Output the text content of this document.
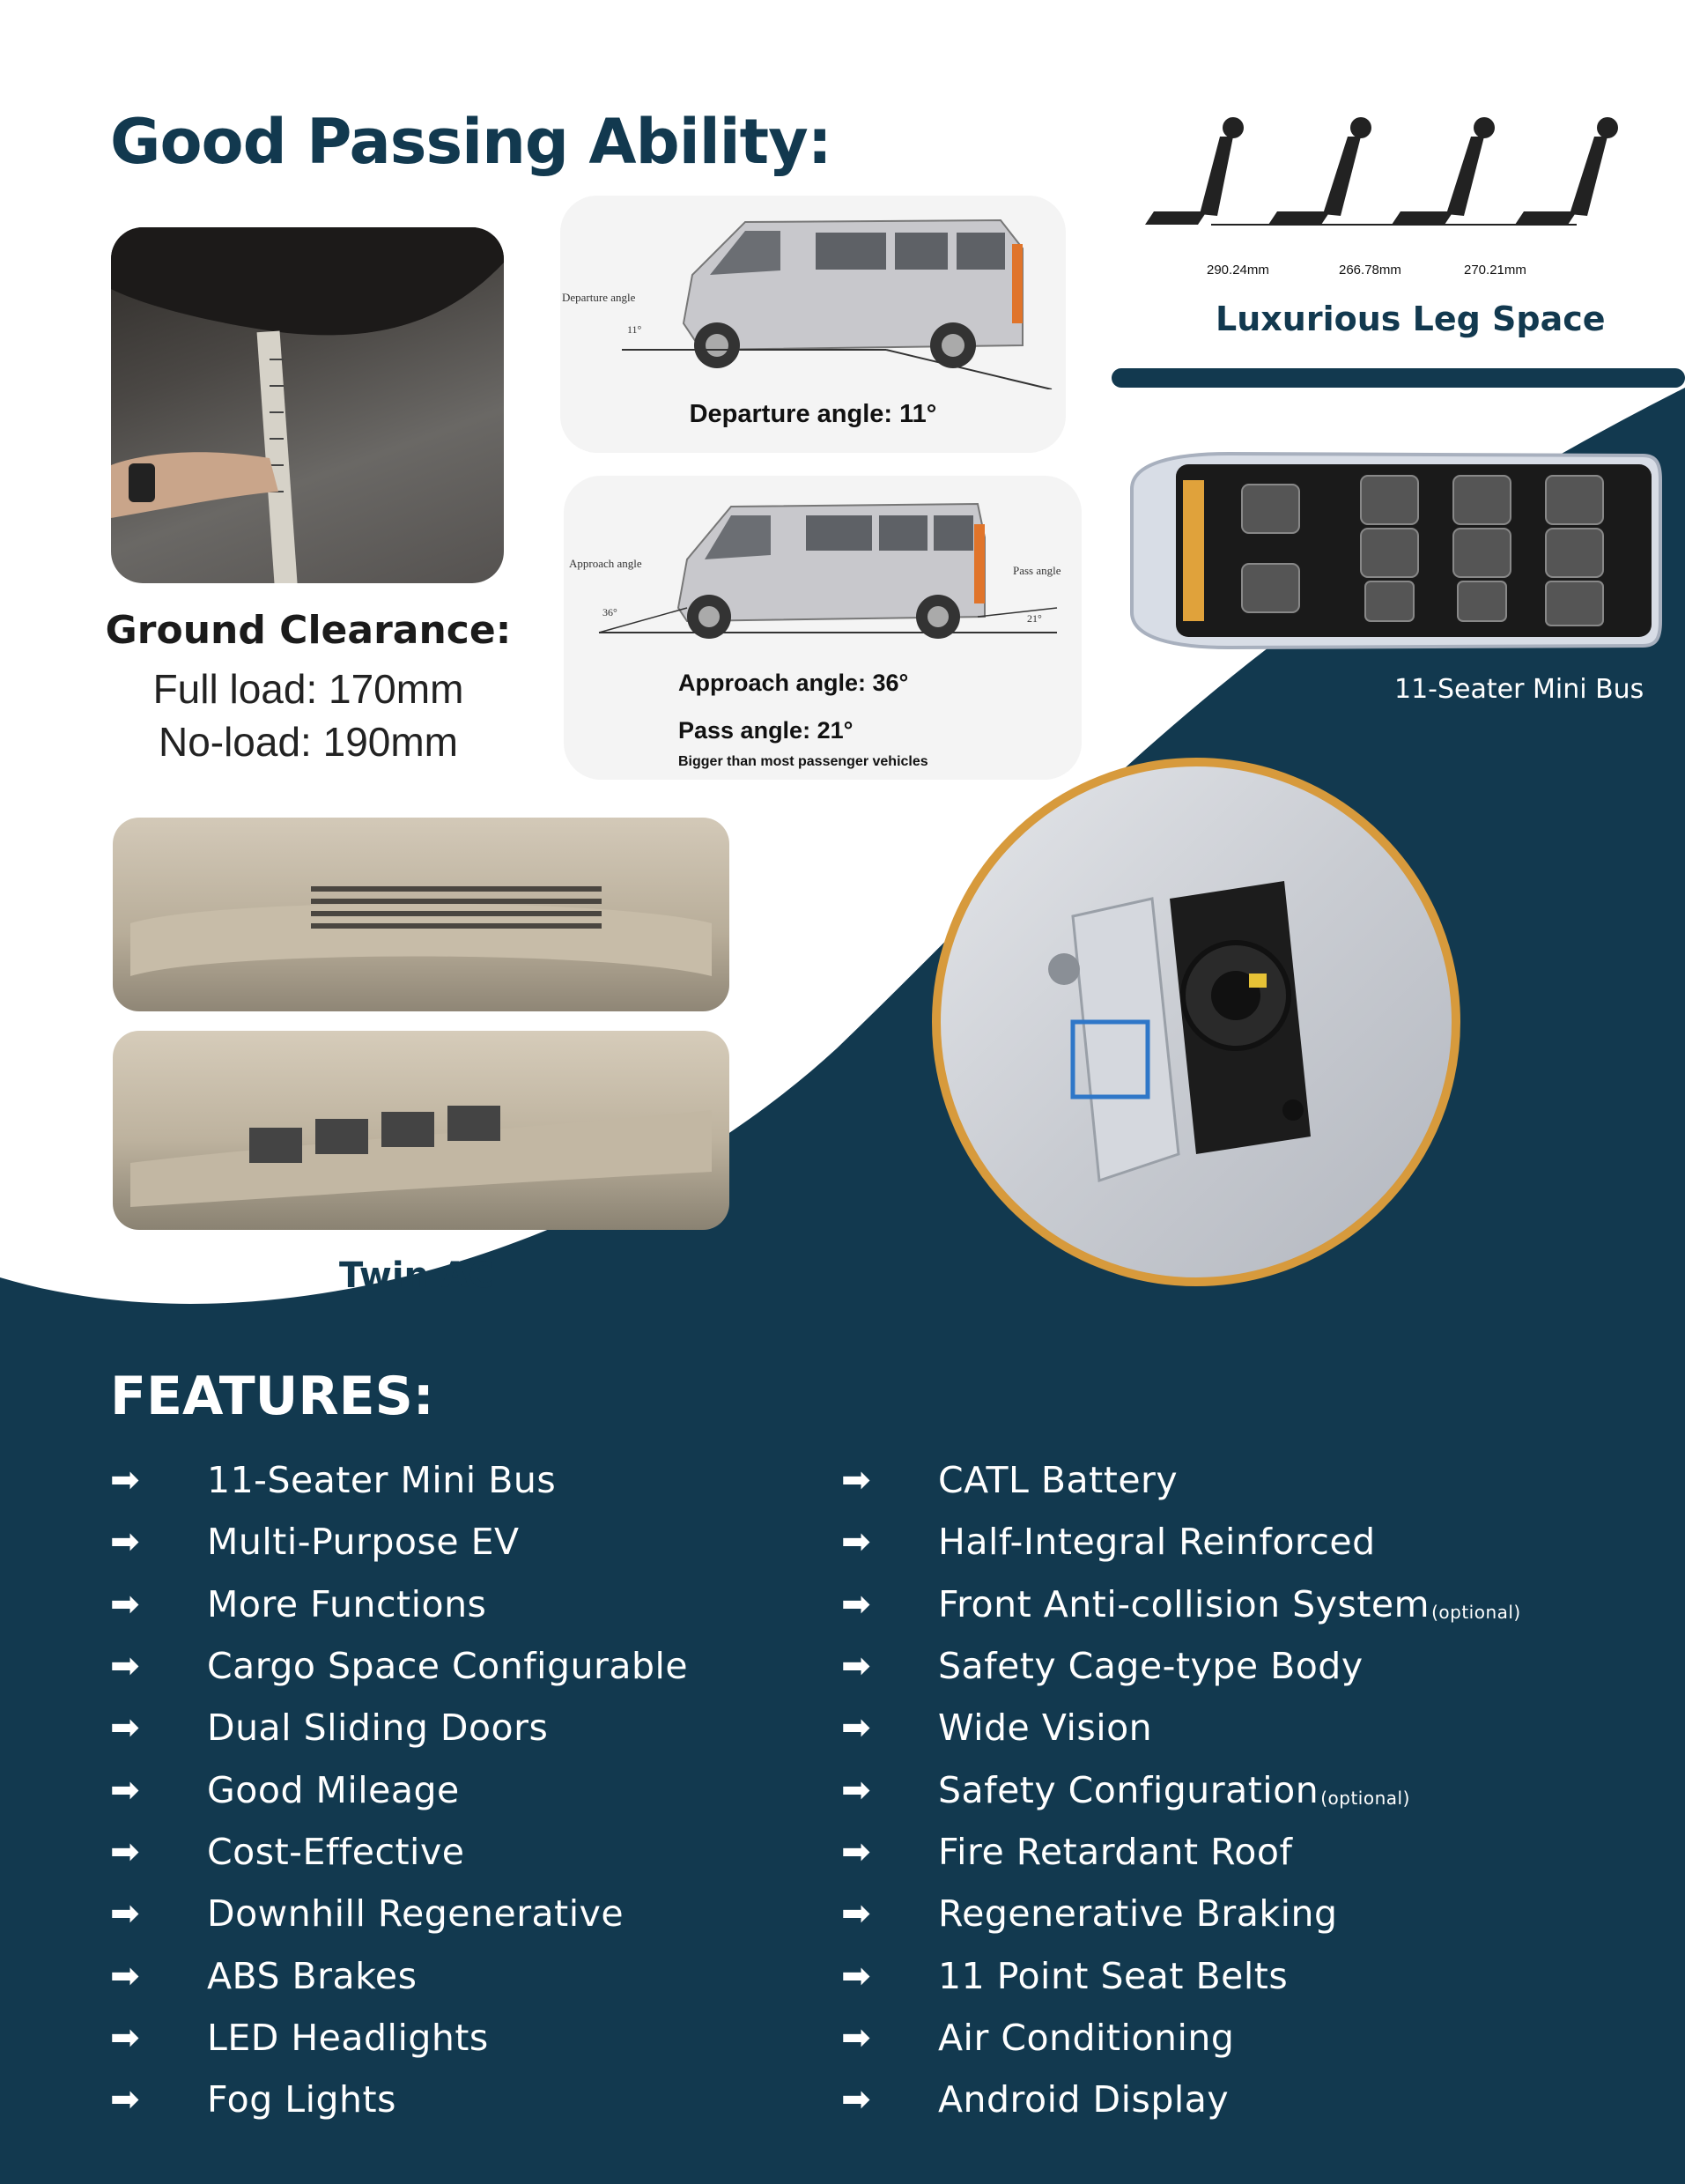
Good Passing Ability:
Ground Clearance:
Full load: 170mm
No-load: 190mm
Departure angle
11°
Departure angle: 11°
Approach angle
36°
Pass angle
21°
Approach angle: 36°
Pass angle: 21°
Bigger than most passenger vehicles
290.24mm	266.78mm	270.21mm
Luxurious Leg Space
11-Seater Mini Bus
Twin AC
FEATURES:
➡	11-Seater Mini Bus
➡	Multi-Purpose EV
➡	More Functions
➡	Cargo Space Configurable
➡	Dual Sliding Doors
➡	Good Mileage
➡	Cost-Effective
➡	Downhill Regenerative
➡	ABS Brakes
➡	LED Headlights
➡	Fog Lights
➡	CATL Battery
➡	Half-Integral Reinforced
➡	Front Anti-collision System (optional)
➡	Safety Cage-type Body
➡	Wide Vision
➡	Safety Configuration (optional)
➡	Fire Retardant Roof
➡	Regenerative Braking
➡	11 Point Seat Belts
➡	Air Conditioning
➡	Android Display
